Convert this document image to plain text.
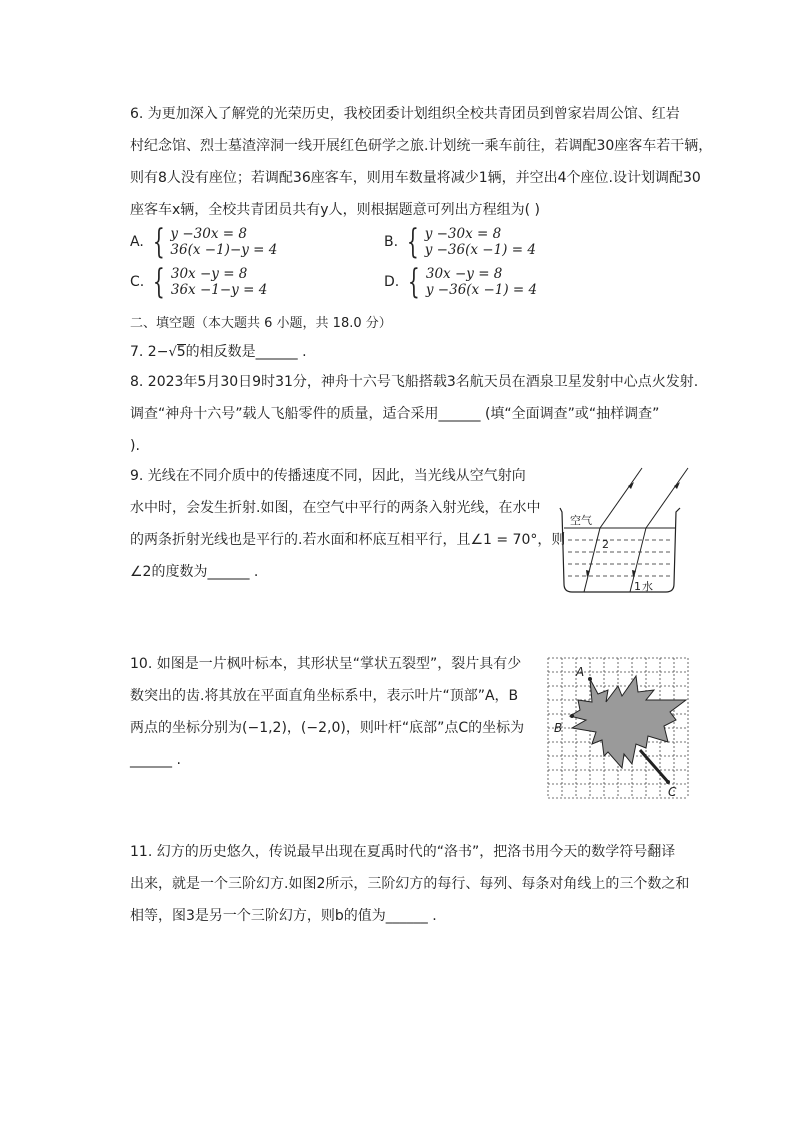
6. 为更加深入了解党的光荣历史，我校团委计划组织全校共青团员到曾家岩周公馆、红岩
村纪念馆、烈士墓渣滓洞一线开展红色研学之旅.计划统一乘车前往，若调配30座客车若干辆，
则有8人没有座位；若调配36座客车，则用车数量将减少1辆，并空出4个座位.设计划调配30
座客车x辆，全校共青团员共有y人，则根据题意可列出方程组为( )
A. { y −30x = 8
36(x −1)−y = 4	B. { y −30x = 8
y −36(x −1) = 4
C. { 30x −y = 8
36x −1−y = 4	D. { 30x −y = 8
y −36(x −1) = 4
二、填空题（本大题共 6 小题，共 18.0 分）
7. 2−√5的相反数是______ .
8. 2023年5月30日9时31分，神舟十六号飞船搭载3名航天员在酒泉卫星发射中心点火发射.
调查“神舟十六号”载人飞船零件的质量，适合采用______ (填“全面调查”或“抽样调查”
).
9. 光线在不同介质中的传播速度不同，因此，当光线从空气射向
水中时，会发生折射.如图，在空气中平行的两条入射光线，在水中
的两条折射光线也是平行的.若水面和杯底互相平行，且∠1 = 70°，则
∠2的度数为______ .
空气
2
1 水
10. 如图是一片枫叶标本，其形状呈“掌状五裂型”，裂片具有少
数突出的齿.将其放在平面直角坐标系中，表示叶片“顶部”A，B
两点的坐标分别为(−1,2)，(−2,0)，则叶杆“底部”点C的坐标为
______ .
A
B
C
11. 幻方的历史悠久，传说最早出现在夏禹时代的“洛书”，把洛书用今天的数学符号翻译
出来，就是一个三阶幻方.如图2所示，三阶幻方的每行、每列、每条对角线上的三个数之和
相等，图3是另一个三阶幻方，则b的值为______ .
